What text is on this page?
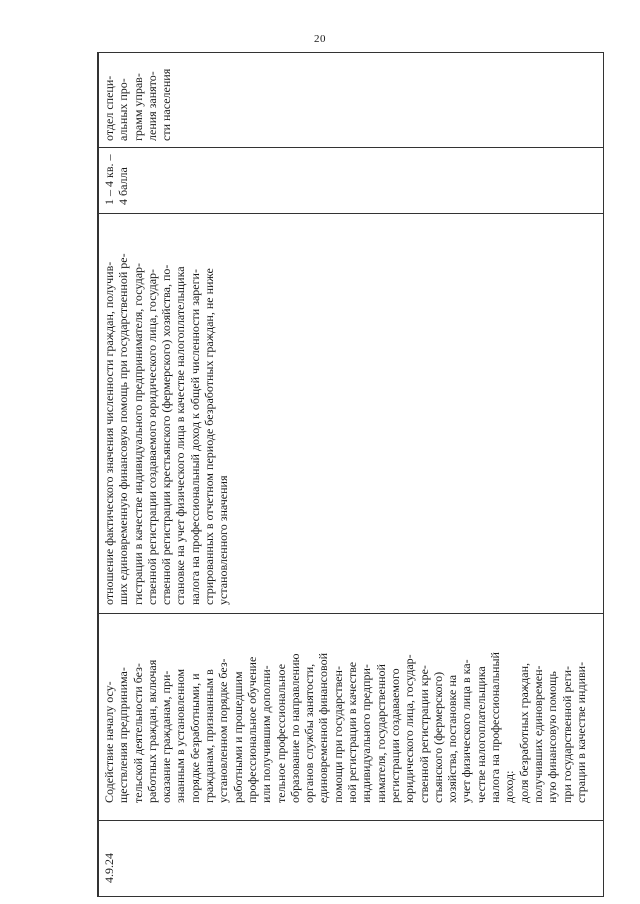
20
4.9.24
Содействие началу осу-
ществления предпринима-
тельской деятельности без-
работных граждан, включая
оказание гражданам, при-
знанным в установленном
порядке безработными, и
гражданам, признанным в
установленном порядке без-
работными и прошедшим
профессиональное обучение
или получившим дополни-
тельное профессиональное
образование по направлению
органов службы занятости,
единовременной финансовой
помощи при государствен-
ной регистрации в качестве
индивидуального предпри-
нимателя, государственной
регистрации создаваемого
юридического лица, государ-
ственной регистрации кре-
стьянского (фермерского)
хозяйства, постановке на
учет физического лица в ка-
честве налогоплательщика
налога на профессиональный
доход:
доля безработных граждан,
получивших единовремен-
ную финансовую помощь
при государственной реги-
страции в качестве индиви-
отношение фактического значения численности граждан, получив-
ших единовременную финансовую помощь при государственной ре-
гистрации в качестве индивидуального предпринимателя, государ-
ственной регистрации создаваемого юридического лица, государ-
ственной регистрации крестьянского (фермерского) хозяйства, по-
становке на учет физического лица в качестве налогоплательщика
налога на профессиональный доход к общей численности зареги-
стрированных в отчетном периоде безработных граждан, не ниже
установленного значения
1 – 4 кв. –
4 балла
отдел специ-
альных про-
грамм управ-
ления занято-
сти населения
